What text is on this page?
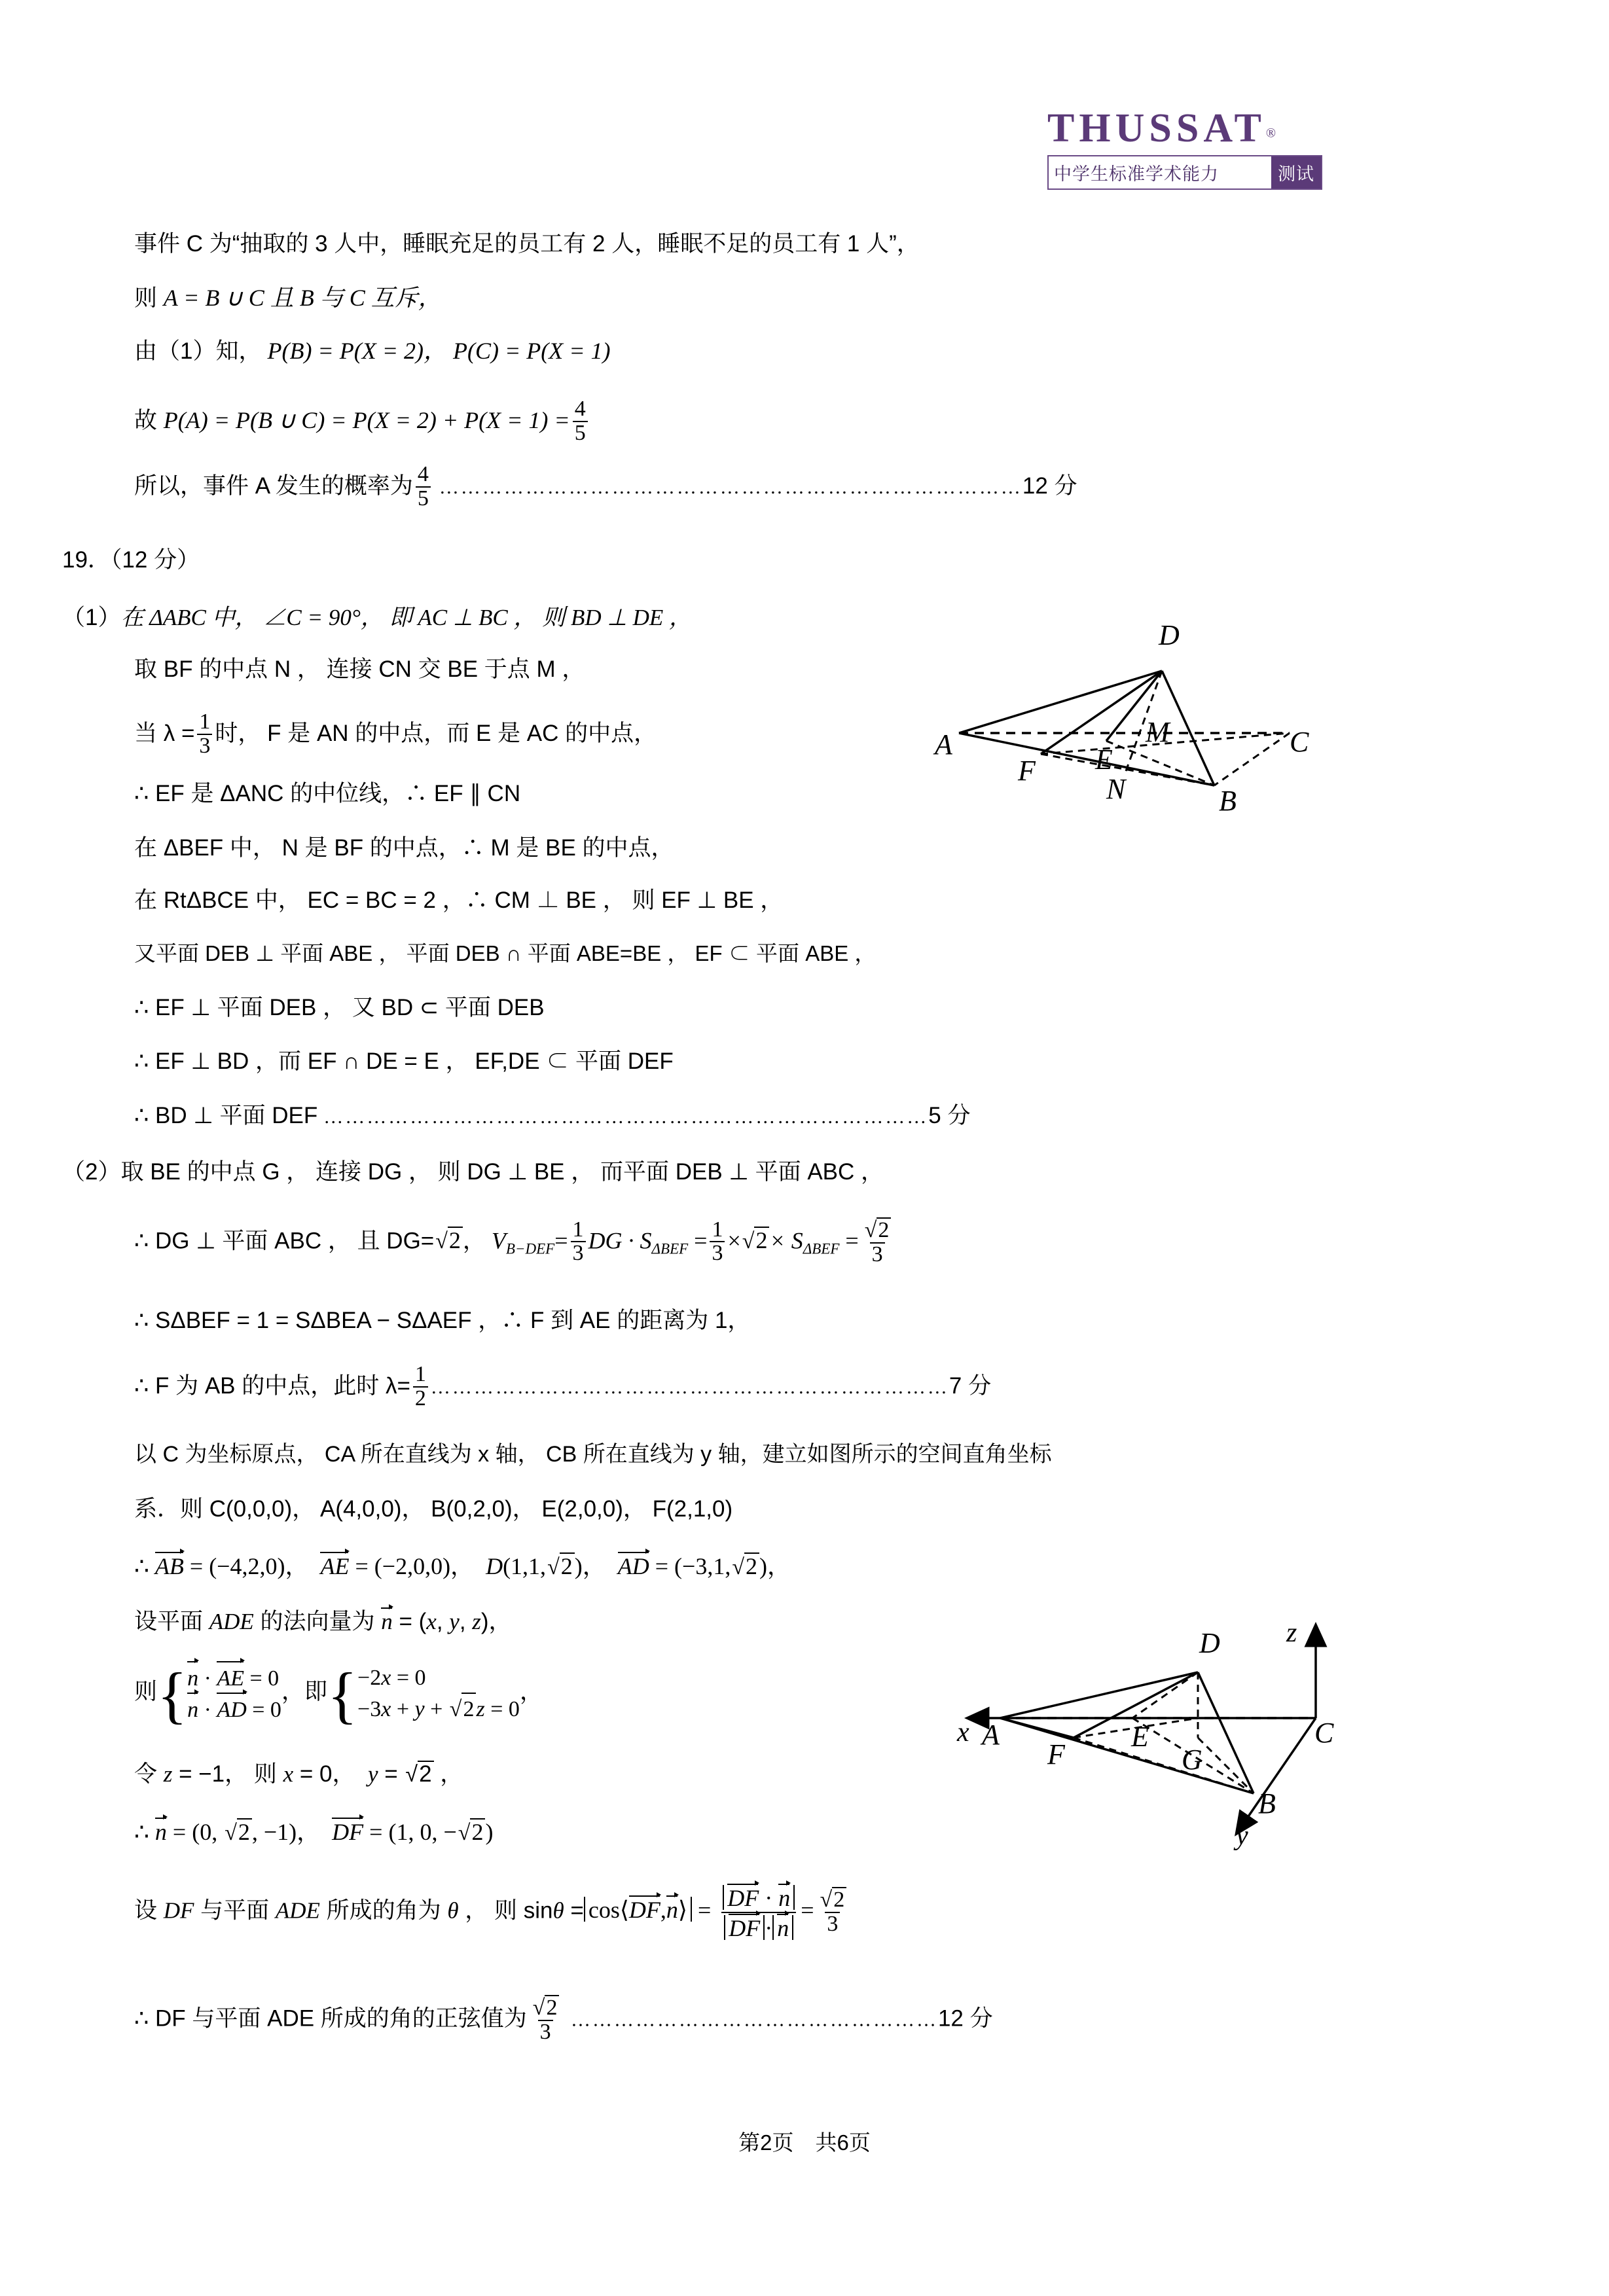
THUSSAT®
中学生标准学术能力	测试
事件 C 为“抽取的 3 人中，睡眠充足的员工有 2 人，睡眠不足的员工有 1 人”，
则 A = B ∪ C 且 B 与 C 互斥，
由（1）知， P(B) = P(X = 2)， P(C) = P(X = 1)
故 P(A) = P(B ∪ $C) = P(X = 2) + P(X = 1) = \frac{4}{5}$
所以，事件 A 发生的概率为 $\frac{4}{5}$ ………………………………………………………………………12 分
19．（12 分）
（1）在 ΔABC 中， ∠C = 90°， 即 AC ⊥ BC ， 则 BD ⊥ DE ，
取 BF 的中点 N ， 连接 CN 交 BE 于点 M ，
当 $\lambda = \frac{1}{3}$ 时， F 是 AN 的中点，而 E 是 AC 的中点，
∴ EF 是 ΔANC 的中位线，∴ EF ∥ CN
在 ΔBEF 中， N 是 BF 的中点，∴ M 是 BE 的中点，
在 RtΔBCE 中， EC = BC = 2 ，∴ CM ⊥ BE ， 则 EF ⊥ BE ，
又平面 DEB ⊥ 平面 ABE ， 平面 DEB ∩ 平面 ABE=BE ， EF ⊂ 平面 ABE ，
∴ EF ⊥ 平面 DEB ， 又 BD ⊂ 平面 DEB
∴ EF ⊥ BD ，而 EF ∩ DE = E ， EF,DE ⊂ 平面 DEF
∴ BD ⊥ 平面 DEF …………………………………………………………………………5 分
（2）取 BE 的中点 G ， 连接 DG ， 则 DG ⊥ BE ， 而平面 DEB ⊥ 平面 ABC ，
∴ DG ⊥ 平面 ABC ， 且 DG=√2， $V_{B-DEF}= \frac{1}{3}$ DG · $S_{\Delta BEF} = \frac{1}{3} \times√2\times S_{\Delta BEF} = \frac{√2}{3}$
∴ SΔBEF = 1 = SΔBEA − SΔAEF ，∴ F 到 AE 的距离为 1，
∴ F 为 AB 的中点，此时 $\lambda= \frac{1}{2}$ ………………………………………………………………7 分
以 C 为坐标原点， CA 所在直线为 x 轴， CB 所在直线为 y 轴，建立如图所示的空间直角坐标
系．则 C(0,0,0)， A(4,0,0)， B(0,2,0)， E(2,0,0)， F(2,1,0)
∴ AB = (−4,2,0)，  AE = (−2,0,0)，  D(1,1,√2)，  AD = (−3,1,√2)，
设平面 ADE 的法向量为 n = (x, y, z)，
则 { n · AE = 0
n · AD = 0
，即 { −2x = 0
−3x + y + √2z = 0
，
令 z = −1， 则 x = 0，  y = √2 ，
∴ n = (0, √2, −1)，  DF = (1, 0, −√2)
设 DF 与平面 ADE 所成的角为 θ ， 则 sinθ = cos⟨DF,n⟩ = $\frac{DF \cdot n}{DF \cdot n} = \frac{√2}{3}$
∴ DF 与平面 ADE 所成的角的正弦值为 $\frac{√2}{3}$ ……………………………………………12 分
D
A	E
M	C
F
N	B
z
D
x A
F
E
G
C
B
y
第2页　共6页
